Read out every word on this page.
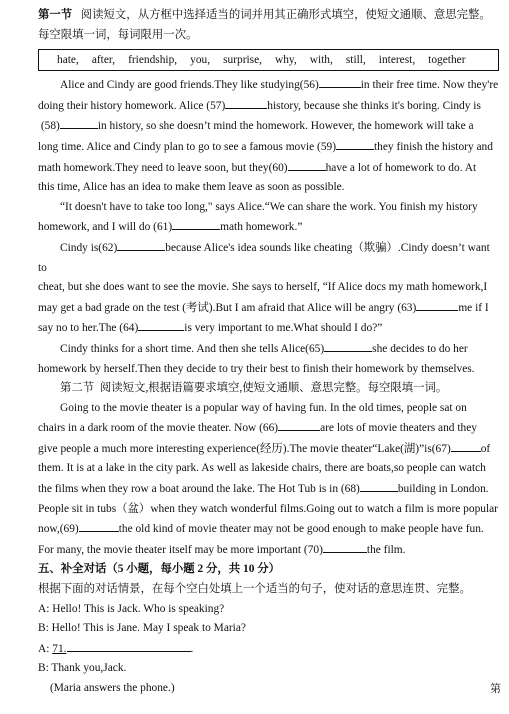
第一节 阅读短文，从方框中选择适当的词并用其正确形式填空，使短文通顺、意思完整。

每空限填一词，每词限用一次。

hate, after, friendship, you, surprise, why, with, still, interest, together

Alice and Cindy are good friends.They like studying(56)	in their free time. Now they're

doing their history homework. Alice (57)	history, because she thinks it's boring. Cindy is

(58)	in history, so she doesn’t mind the homework. However, the homework will take a

long time. Alice and Cindy plan to go to see a famous movie (59)	they finish the history and

math homework.They need to leave soon, but they(60)	have a lot of homework to do. At

this time, Alice has an idea to make them leave as soon as possible.

“It doesn't have to take too long," says Alice.“We can share the work. You finish my history

homework, and I will do (61)	math homework.”

Cindy is(62)	because Alice's idea sounds like cheating（欺骗）.Cindy doesn’t want to

cheat, but she does want to see the movie. She says to herself, “If Alice docs my math homework,I

may get a bad grade on the test (考试).But I am afraid that Alice will be angry (63)	me if I

say no to her.The (64)	is very important to me.What should I do?”

Cindy thinks for a short time. And then she tells Alice(65)	she decides to do her

homework by herself.Then they decide to try their best to finish their homework by themselves.

第二节 阅读短文,根据语篇要求填空,使短文通顺、意思完整。每空限填一词。

Going to the movie theater is a popular way of having fun. In the old times, people sat on

chairs in a dark room of the movie theater. Now (66)	are lots of movie theaters and they

give people a much more interesting experience(经历).The movie theater“Lake(湖)”is(67)	of

them. It is at a lake in the city park. As well as lakeside chairs, there are boats,so people can watch

the films when they row a boat around the lake. The Hot Tub is in (68)	building in London.

People sit in tubs（盆）when they watch wonderful films.Going out to watch a film is more popular

now,(69)	the old kind of movie theater may not be good enough to make people have fun.

For many, the movie theater itself may be more important (70)	the film.

五、补全对话（5 小题，每小题 2 分，共 10 分）

根据下面的对话情景，在每个空白处填上一个适当的句子，使对话的意思连贯、完整。

A: Hello! This is Jack. Who is speaking?

B: Hello! This is Jane. May I speak to Maria?

A: 71.	.

B: Thank you,Jack.

(Maria answers the phone.)	第
